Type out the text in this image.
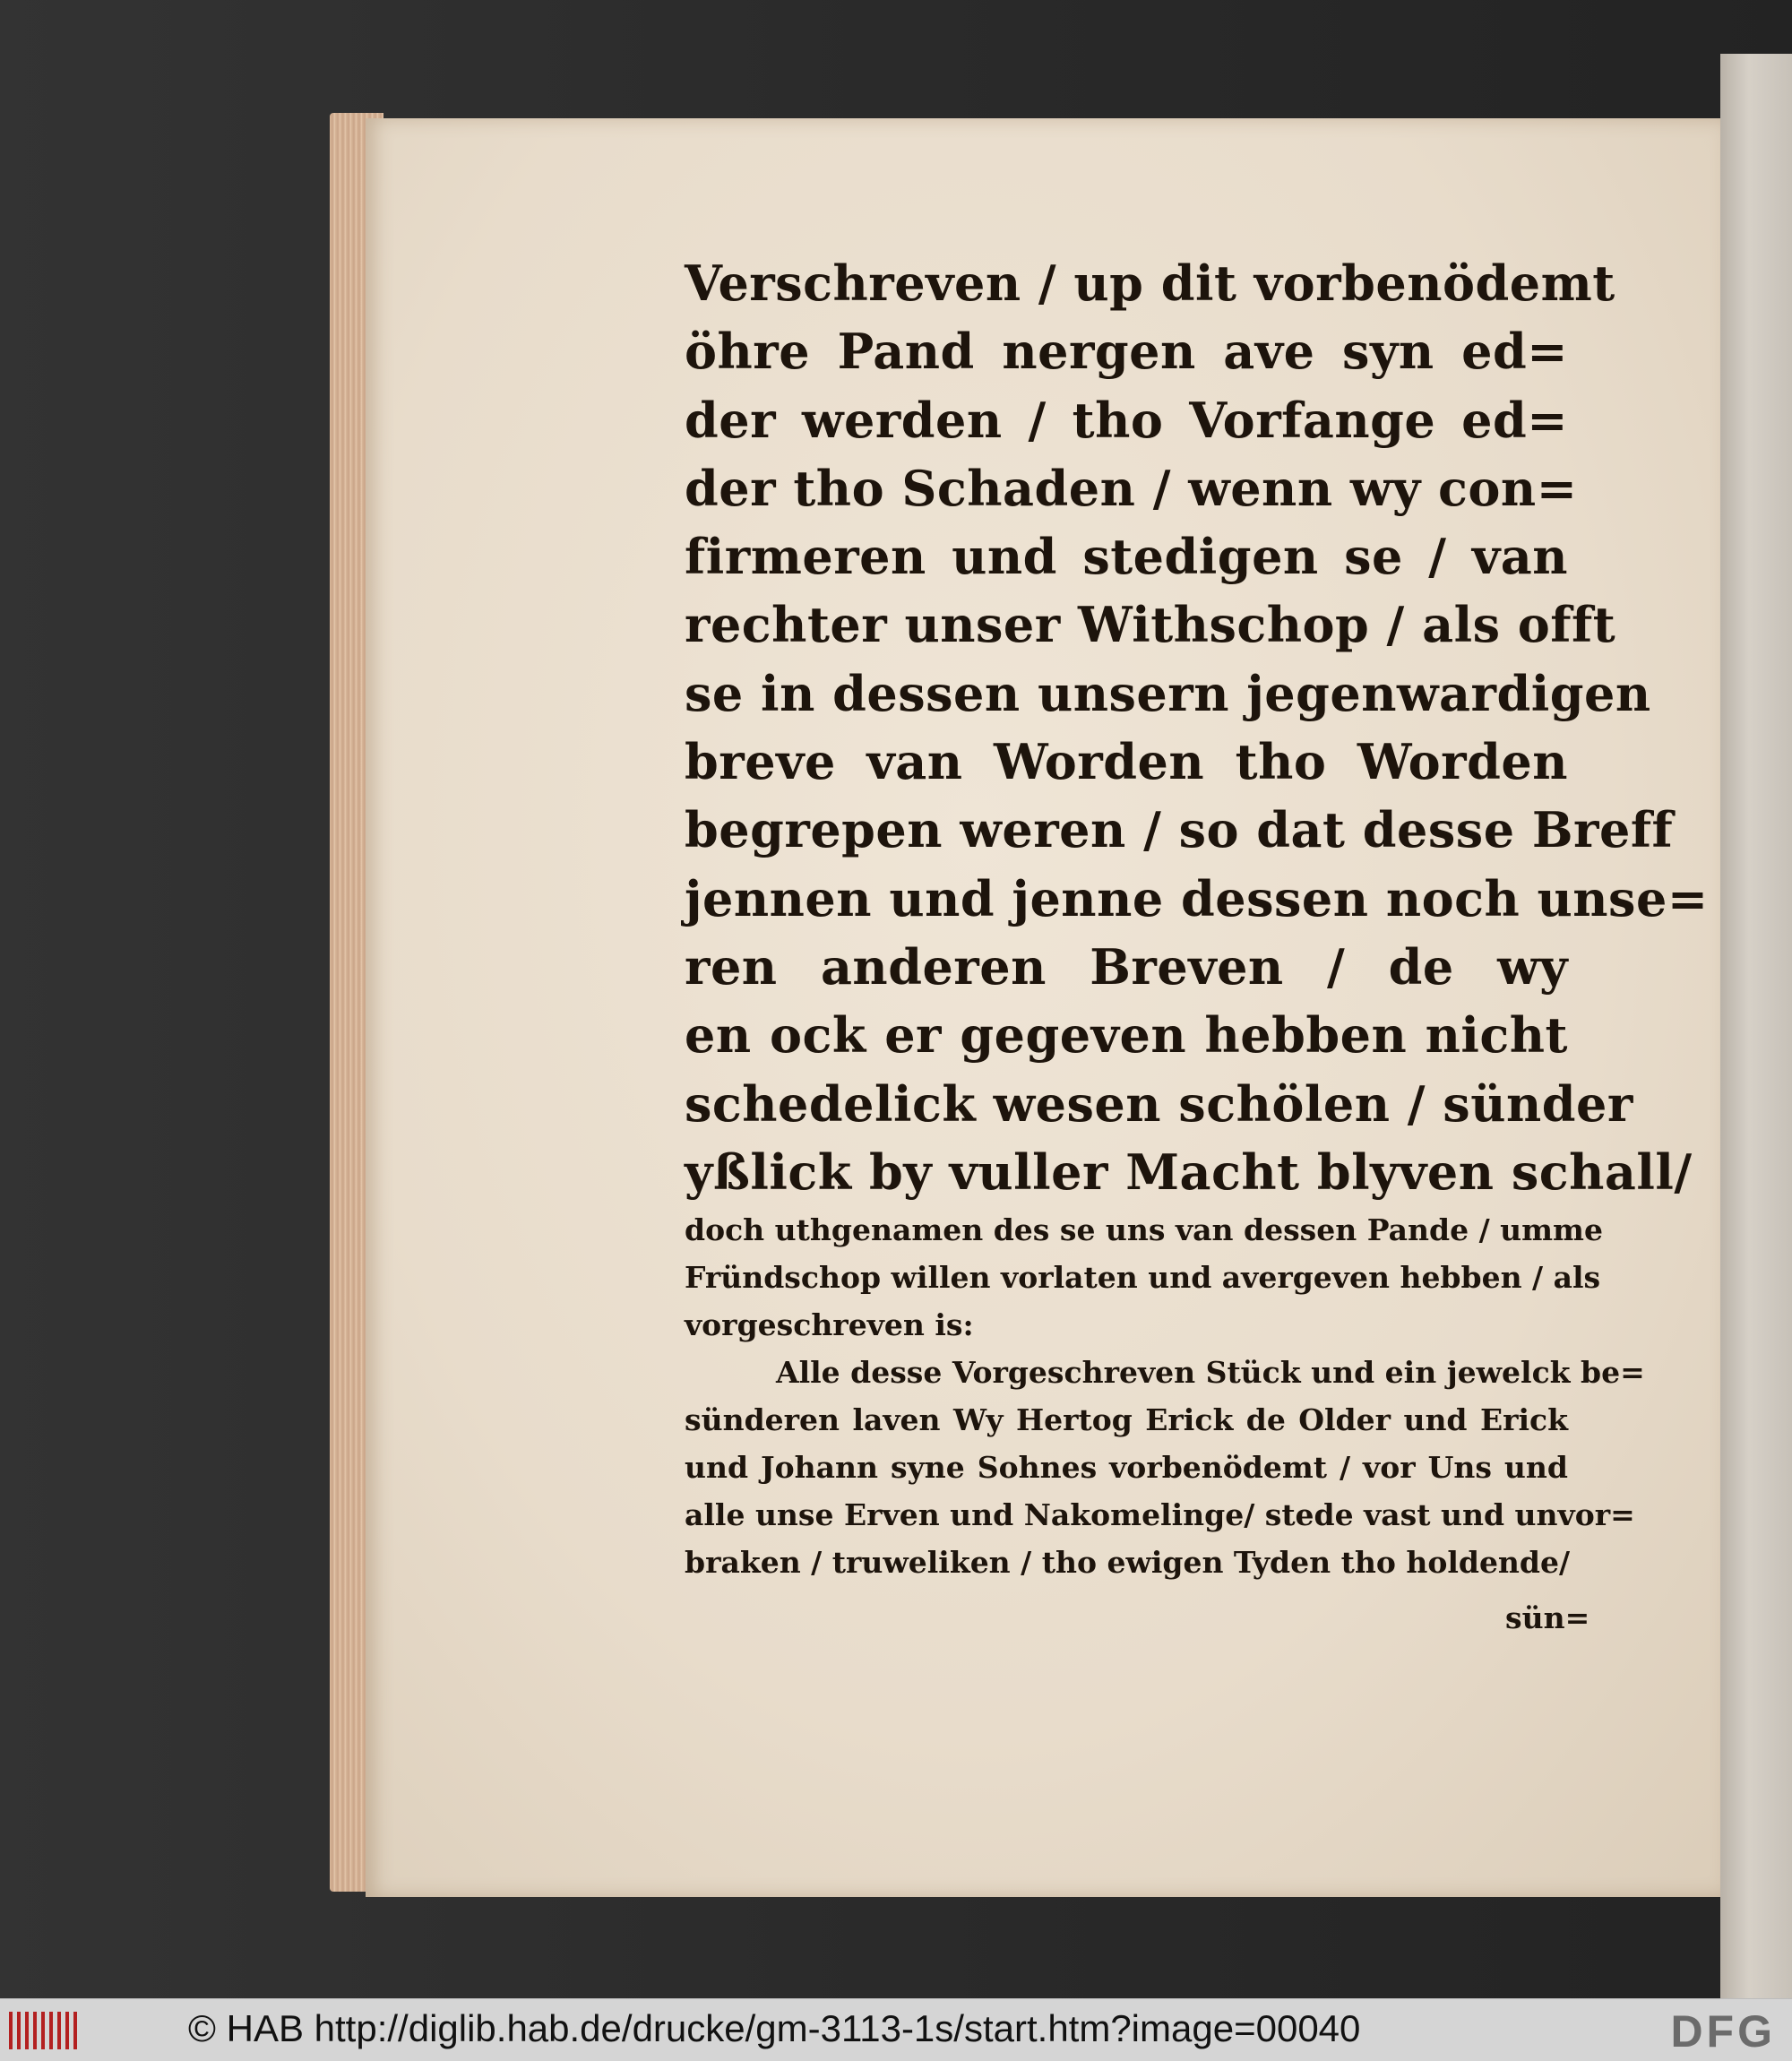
Verschreven / up dit vorbenödemt
öhre Pand nergen ave syn ed=
der werden / tho Vorfange ed=
der tho Schaden / wenn wy con=
firmeren und stedigen se / van
rechter unser Withschop / als offt
se in dessen unsern jegenwardigen
breve van Worden tho Worden
begrepen weren / so dat desse Breff
jennen und jenne dessen noch unse=
ren anderen Breven / de wy
en ock er gegeven hebben nicht
schedelick wesen schölen / sünder
yßlick by vuller Macht blyven schall/
doch uthgenamen des se uns van dessen Pande / umme
Fründschop willen vorlaten und avergeven hebben / als
vorgeschreven is:
Alle desse Vorgeschreven Stück und ein jewelck be=
sünderen laven Wy Hertog Erick de Older und Erick
und Johann syne Sohnes vorbenödemt / vor Uns und
alle unse Erven und Nakomelinge/ stede vast und unvor=
braken / truweliken / tho ewigen Tyden tho holdende/
sün=
© HAB http://diglib.hab.de/drucke/gm-3113-1s/start.htm?image=00040	DFG
